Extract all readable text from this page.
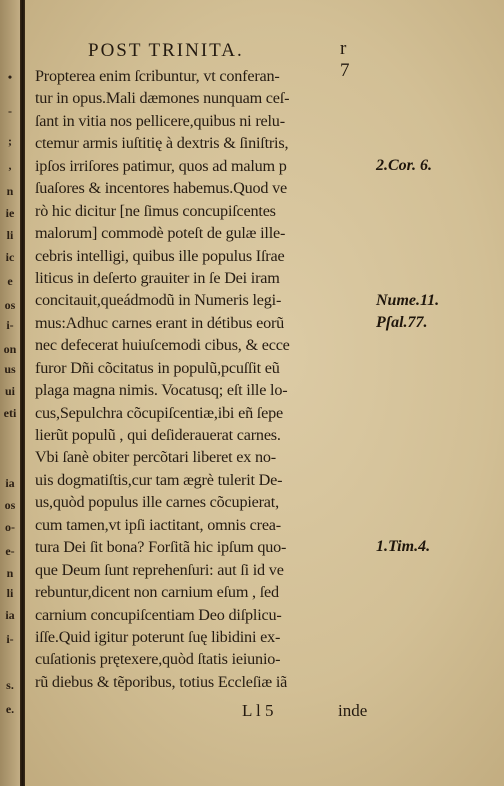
•
-
;
,
n
ie
li
ic
e
os
i-
on
us
ui
eti
ia
os
o-
e-
n
li
ia
i-
s.
e.
POST TRINITA.	r 7
Propterea enim ſcribuntur, vt conferan-
tur in opus.Mali dæmones nunquam ceſ-
ſant in vitia nos pellicere,quibus ni relu-
ctemur armis iuſtitię à dextris & ſiniſtris,
ipſos irriſores patimur, quos ad malum p
ſuaſores & incentores habemus.Quod ve
rò hic dicitur [ne ſimus concupiſcentes
malorum] commodè poteſt de gulæ ille-
cebris intelligi, quibus ille populus Iſrae
liticus in deſerto grauiter in ſe Dei iram
concitauit,queádmodũ in Numeris legi-
mus:Adhuc carnes erant in détibus eorũ
nec defecerat huiuſcemodi cibus, & ecce
furor Dñi cõcitatus in populũ,pcuſſit eũ
plaga magna nimis. Vocatusq; eſt ille lo-
cus,Sepulchra cõcupiſcentiæ,ibi eñ ſepe
lierũt populũ , qui deſiderauerat carnes.
Vbi ſanè obiter percõtari liberet ex no-
uis dogmatiſtis,cur tam ægrè tulerit De-
us,quòd populus ille carnes cõcupierat,
cum tamen,vt ipſi iactitant, omnis crea-
tura Dei ſit bona? Forſitã hic ipſum quo-
que Deum ſunt reprehenſuri: aut ſi id ve
rebuntur,dicent non carnium eſum , ſed
carnium concupiſcentiam Deo diſplicu-
iſſe.Quid igitur poterunt ſuę libidini ex-
cuſationis prętexere,quòd ſtatis ieiunio-
rũ diebus & tẽporibus, totius Eccleſiæ iã
2.Cor. 6.
Nume.11.
Pſal.77.
1.Tim.4.
L l 5	inde
